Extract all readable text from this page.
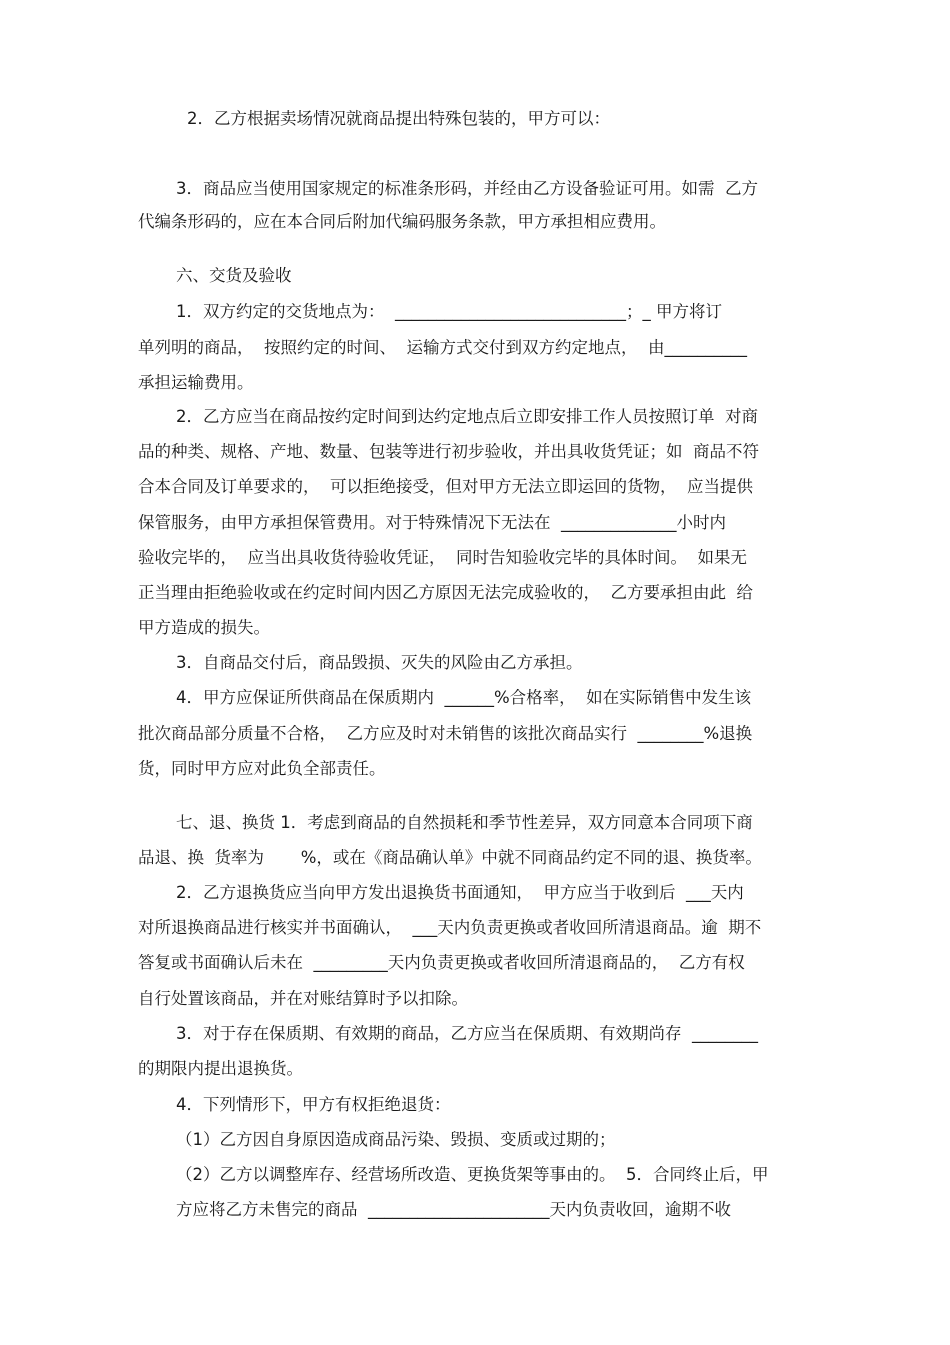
2．乙方根据卖场情况就商品提出特殊包装的，甲方可以：
3．商品应当使用国家规定的标准条形码，并经由乙方设备验证可用。如需  乙方
代编条形码的，应在本合同后附加代编码服务条款，甲方承担相应费用。
六、交货及验收
1．双方约定的交货地点为：  ____________________________；_ 甲方将订
单列明的商品，  按照约定的时间、  运输方式交付到双方约定地点，  由__________
承担运输费用。
2．乙方应当在商品按约定时间到达约定地点后立即安排工作人员按照订单  对商
品的种类、规格、产地、数量、包装等进行初步验收，并出具收货凭证；如  商品不符
合本合同及订单要求的，  可以拒绝接受，但对甲方无法立即运回的货物，  应当提供
保管服务，由甲方承担保管费用。对于特殊情况下无法在  ______________小时内
验收完毕的，  应当出具收货待验收凭证，  同时告知验收完毕的具体时间。  如果无
正当理由拒绝验收或在约定时间内因乙方原因无法完成验收的，  乙方要承担由此  给
甲方造成的损失。
3．自商品交付后，商品毁损、灭失的风险由乙方承担。
4．甲方应保证所供商品在保质期内  ______%合格率，  如在实际销售中发生该
批次商品部分质量不合格，  乙方应及时对未销售的该批次商品实行  ________%退换
货，同时甲方应对此负全部责任。
七、退、换货 1．考虑到商品的自然损耗和季节性差异，双方同意本合同项下商
品退、换  货率为       %，或在《商品确认单》中就不同商品约定不同的退、换货率。
2．乙方退换货应当向甲方发出退换货书面通知，  甲方应当于收到后  ___天内
对所退换商品进行核实并书面确认，  ___天内负责更换或者收回所清退商品。逾  期不
答复或书面确认后未在  _________天内负责更换或者收回所清退商品的，  乙方有权
自行处置该商品，并在对账结算时予以扣除。
3．对于存在保质期、有效期的商品，乙方应当在保质期、有效期尚存  ________
的期限内提出退换货。
4．下列情形下，甲方有权拒绝退货：
（1）乙方因自身原因造成商品污染、毁损、变质或过期的；
（2）乙方以调整库存、经营场所改造、更换货架等事由的。  5．合同终止后，甲
方应将乙方未售完的商品  ______________________天内负责收回，逾期不收
